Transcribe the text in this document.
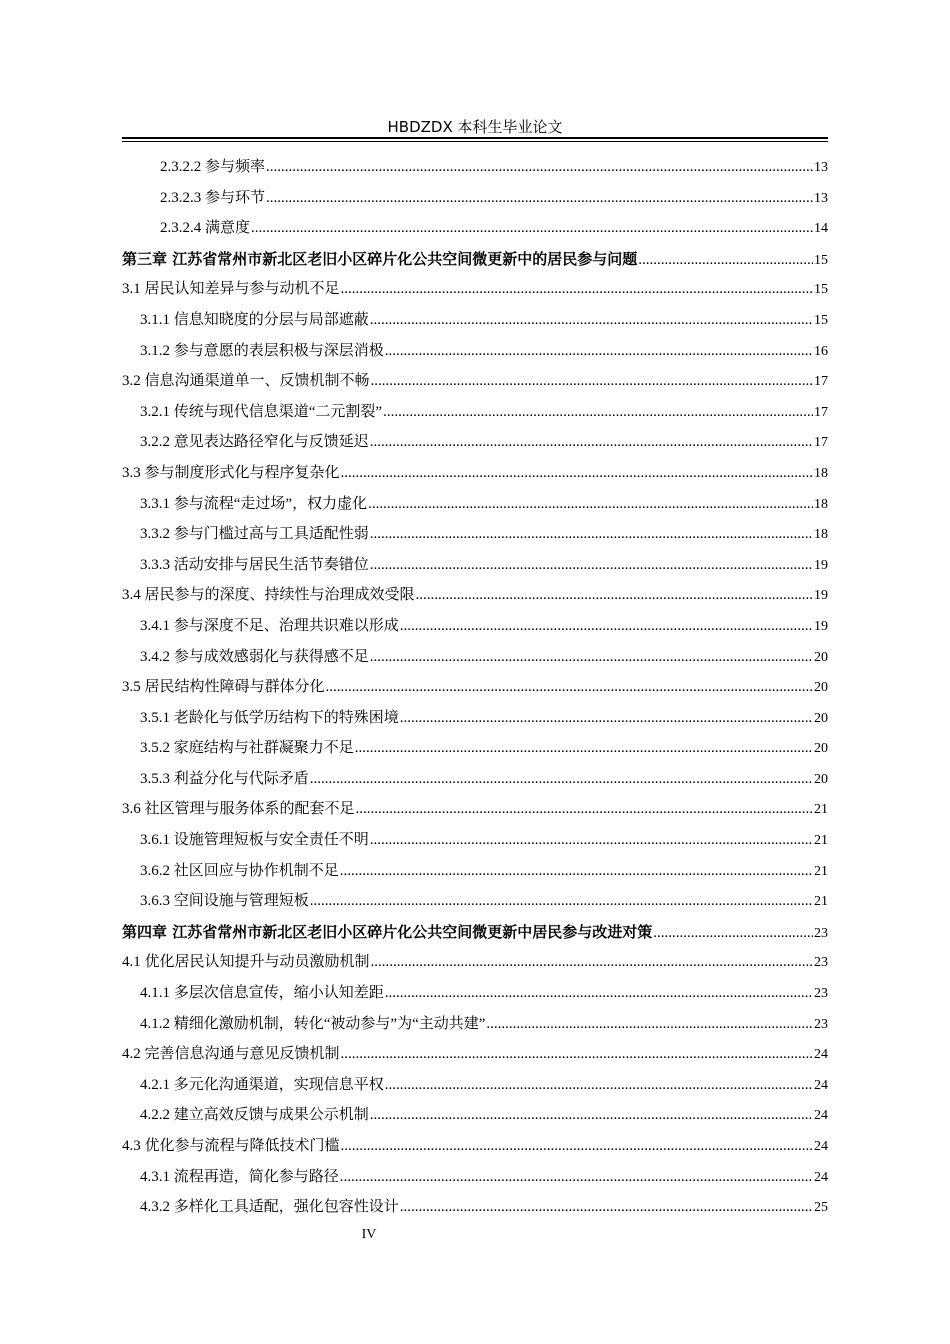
HBDZDX 本科生毕业论文
2.3.2.2 参与频率 .....	13
2.3.2.3 参与环节 .....	13
2.3.2.4 满意度 .....	14
第三章 江苏省常州市新北区老旧小区碎片化公共空间微更新中的居民参与问题 .....	15
3.1 居民认知差异与参与动机不足 .....	15
3.1.1 信息知晓度的分层与局部遮蔽 .....	15
3.1.2 参与意愿的表层积极与深层消极 .....	16
3.2 信息沟通渠道单一、反馈机制不畅 .....	17
3.2.1 传统与现代信息渠道“二元割裂” .....	17
3.2.2 意见表达路径窄化与反馈延迟 .....	17
3.3 参与制度形式化与程序复杂化 .....	18
3.3.1 参与流程“走过场”，权力虚化 .....	18
3.3.2 参与门槛过高与工具适配性弱 .....	18
3.3.3 活动安排与居民生活节奏错位 .....	19
3.4 居民参与的深度、持续性与治理成效受限 .....	19
3.4.1 参与深度不足、治理共识难以形成 .....	19
3.4.2 参与成效感弱化与获得感不足 .....	20
3.5 居民结构性障碍与群体分化 .....	20
3.5.1 老龄化与低学历结构下的特殊困境 .....	20
3.5.2 家庭结构与社群凝聚力不足 .....	20
3.5.3 利益分化与代际矛盾 .....	20
3.6 社区管理与服务体系的配套不足 .....	21
3.6.1 设施管理短板与安全责任不明 .....	21
3.6.2 社区回应与协作机制不足 .....	21
3.6.3 空间设施与管理短板 .....	21
第四章 江苏省常州市新北区老旧小区碎片化公共空间微更新中居民参与改进对策 .....	23
4.1 优化居民认知提升与动员激励机制 .....	23
4.1.1 多层次信息宣传，缩小认知差距 .....	23
4.1.2 精细化激励机制，转化“被动参与”为“主动共建” .....	23
4.2 完善信息沟通与意见反馈机制 .....	24
4.2.1 多元化沟通渠道，实现信息平权 .....	24
4.2.2 建立高效反馈与成果公示机制 .....	24
4.3 优化参与流程与降低技术门槛 .....	24
4.3.1 流程再造，简化参与路径 .....	24
4.3.2 多样化工具适配，强化包容性设计 .....	25
IV
